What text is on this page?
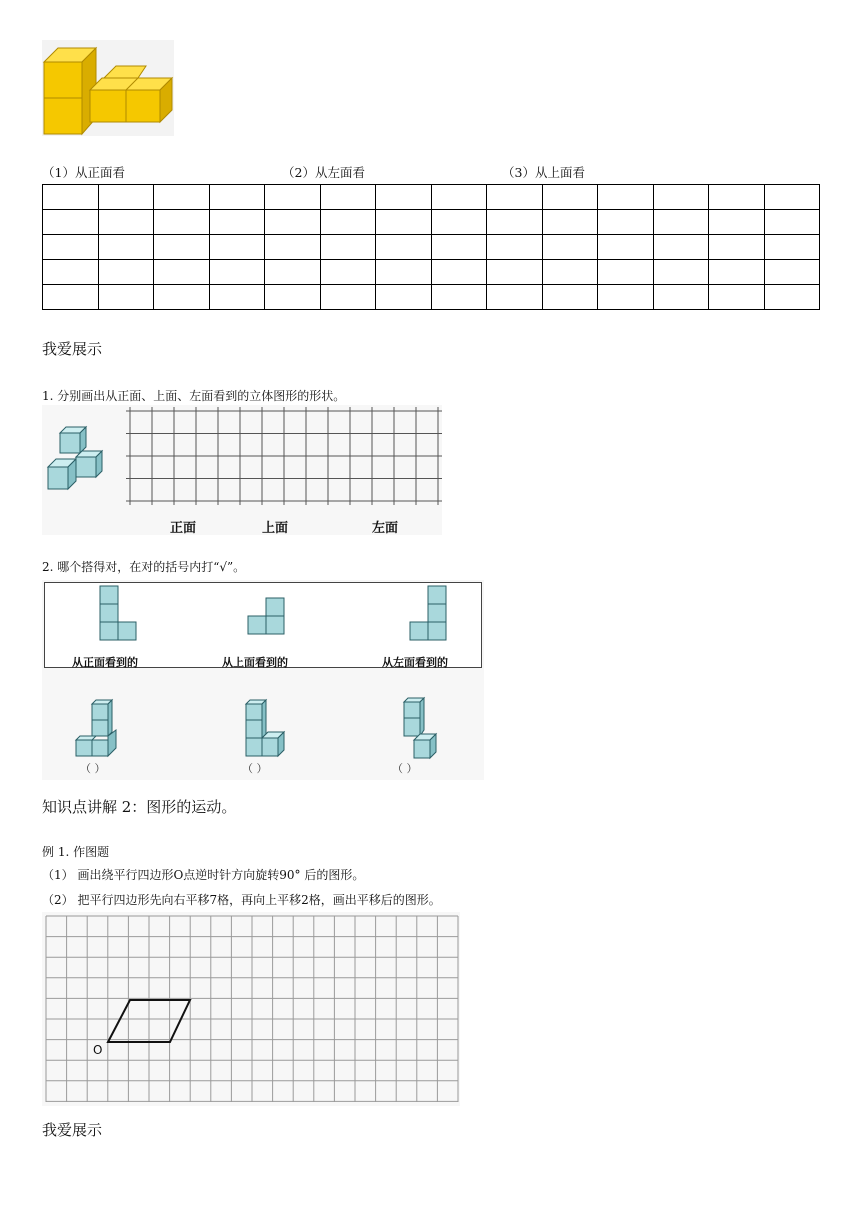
（1）从正面看	（2）从左面看	（3）从上面看

我爱展示
1. 分别画出从正面、上面、左面看到的立体图形的形状。
正面	上面	左面
2. 哪个搭得对，在对的括号内打“√”。
从正面看到的	从上面看到的	从左面看到的
（ ）	（ ）	（ ）
知识点讲解 2：图形的运动。
例 1. 作图题
（1） 画出绕平行四边形O点逆时针方向旋转90° 后的图形。
（2） 把平行四边形先向右平移7格，再向上平移2格，画出平移后的图形。
O
我爱展示
